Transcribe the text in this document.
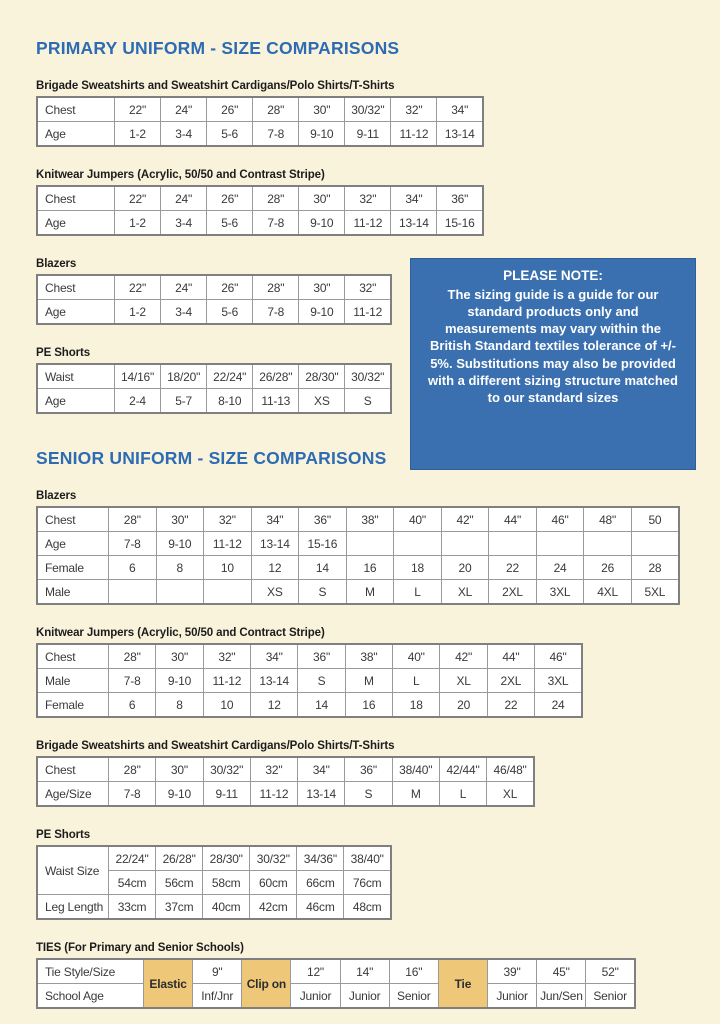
PRIMARY UNIFORM - SIZE COMPARISONS
Brigade Sweatshirts and Sweatshirt Cardigans/Polo Shirts/T-Shirts
Chest	22"	24"	26"	28"	30"	30/32"	32"	34"
Age	1-2	3-4	5-6	7-8	9-10	9-11	11-12	13-14
Knitwear Jumpers (Acrylic, 50/50 and Contrast Stripe)
Chest	22"	24"	26"	28"	30"	32"	34"	36"
Age	1-2	3-4	5-6	7-8	9-10	11-12	13-14	15-16
Blazers
Chest	22"	24"	26"	28"	30"	32"
Age	1-2	3-4	5-6	7-8	9-10	11-12
PE Shorts
Waist	14/16"	18/20"	22/24"	26/28"	28/30"	30/32"
Age	2-4	5-7	8-10	11-13	XS	S
PLEASE NOTE:
The sizing guide is a guide for our standard products only and measurements may vary within the British Standard textiles tolerance of +/- 5%. Substitutions may also be provided with a different sizing structure matched to our standard sizes
SENIOR UNIFORM - SIZE COMPARISONS
Blazers
Chest	28"	30"	32"	34"	36"	38"	40"	42"	44"	46"	48"	50
Age	7-8	9-10	11-12	13-14	15-16							
Female	6	8	10	12	14	16	18	20	22	24	26	28
Male				XS	S	M	L	XL	2XL	3XL	4XL	5XL
Knitwear Jumpers (Acrylic, 50/50 and Contract Stripe)
Chest	28"	30"	32"	34"	36"	38"	40"	42"	44"	46"
Male	7-8	9-10	11-12	13-14	S	M	L	XL	2XL	3XL
Female	6	8	10	12	14	16	18	20	22	24
Brigade Sweatshirts and Sweatshirt Cardigans/Polo Shirts/T-Shirts
Chest	28"	30"	30/32"	32"	34"	36"	38/40"	42/44"	46/48"
Age/Size	7-8	9-10	9-11	11-12	13-14	S	M	L	XL
PE Shorts
Waist Size	22/24"	26/28"	28/30"	30/32"	34/36"	38/40"
	54cm	56cm	58cm	60cm	66cm	76cm
Leg Length	33cm	37cm	40cm	42cm	46cm	48cm
TIES (For Primary and Senior Schools)
Tie Style/Size	Elastic	9"	Clip on	12"	14"	16"	Tie	39"	45"	52"
School Age		Inf/Jnr		Junior	Junior	Senior		Junior	Jun/Sen	Senior
